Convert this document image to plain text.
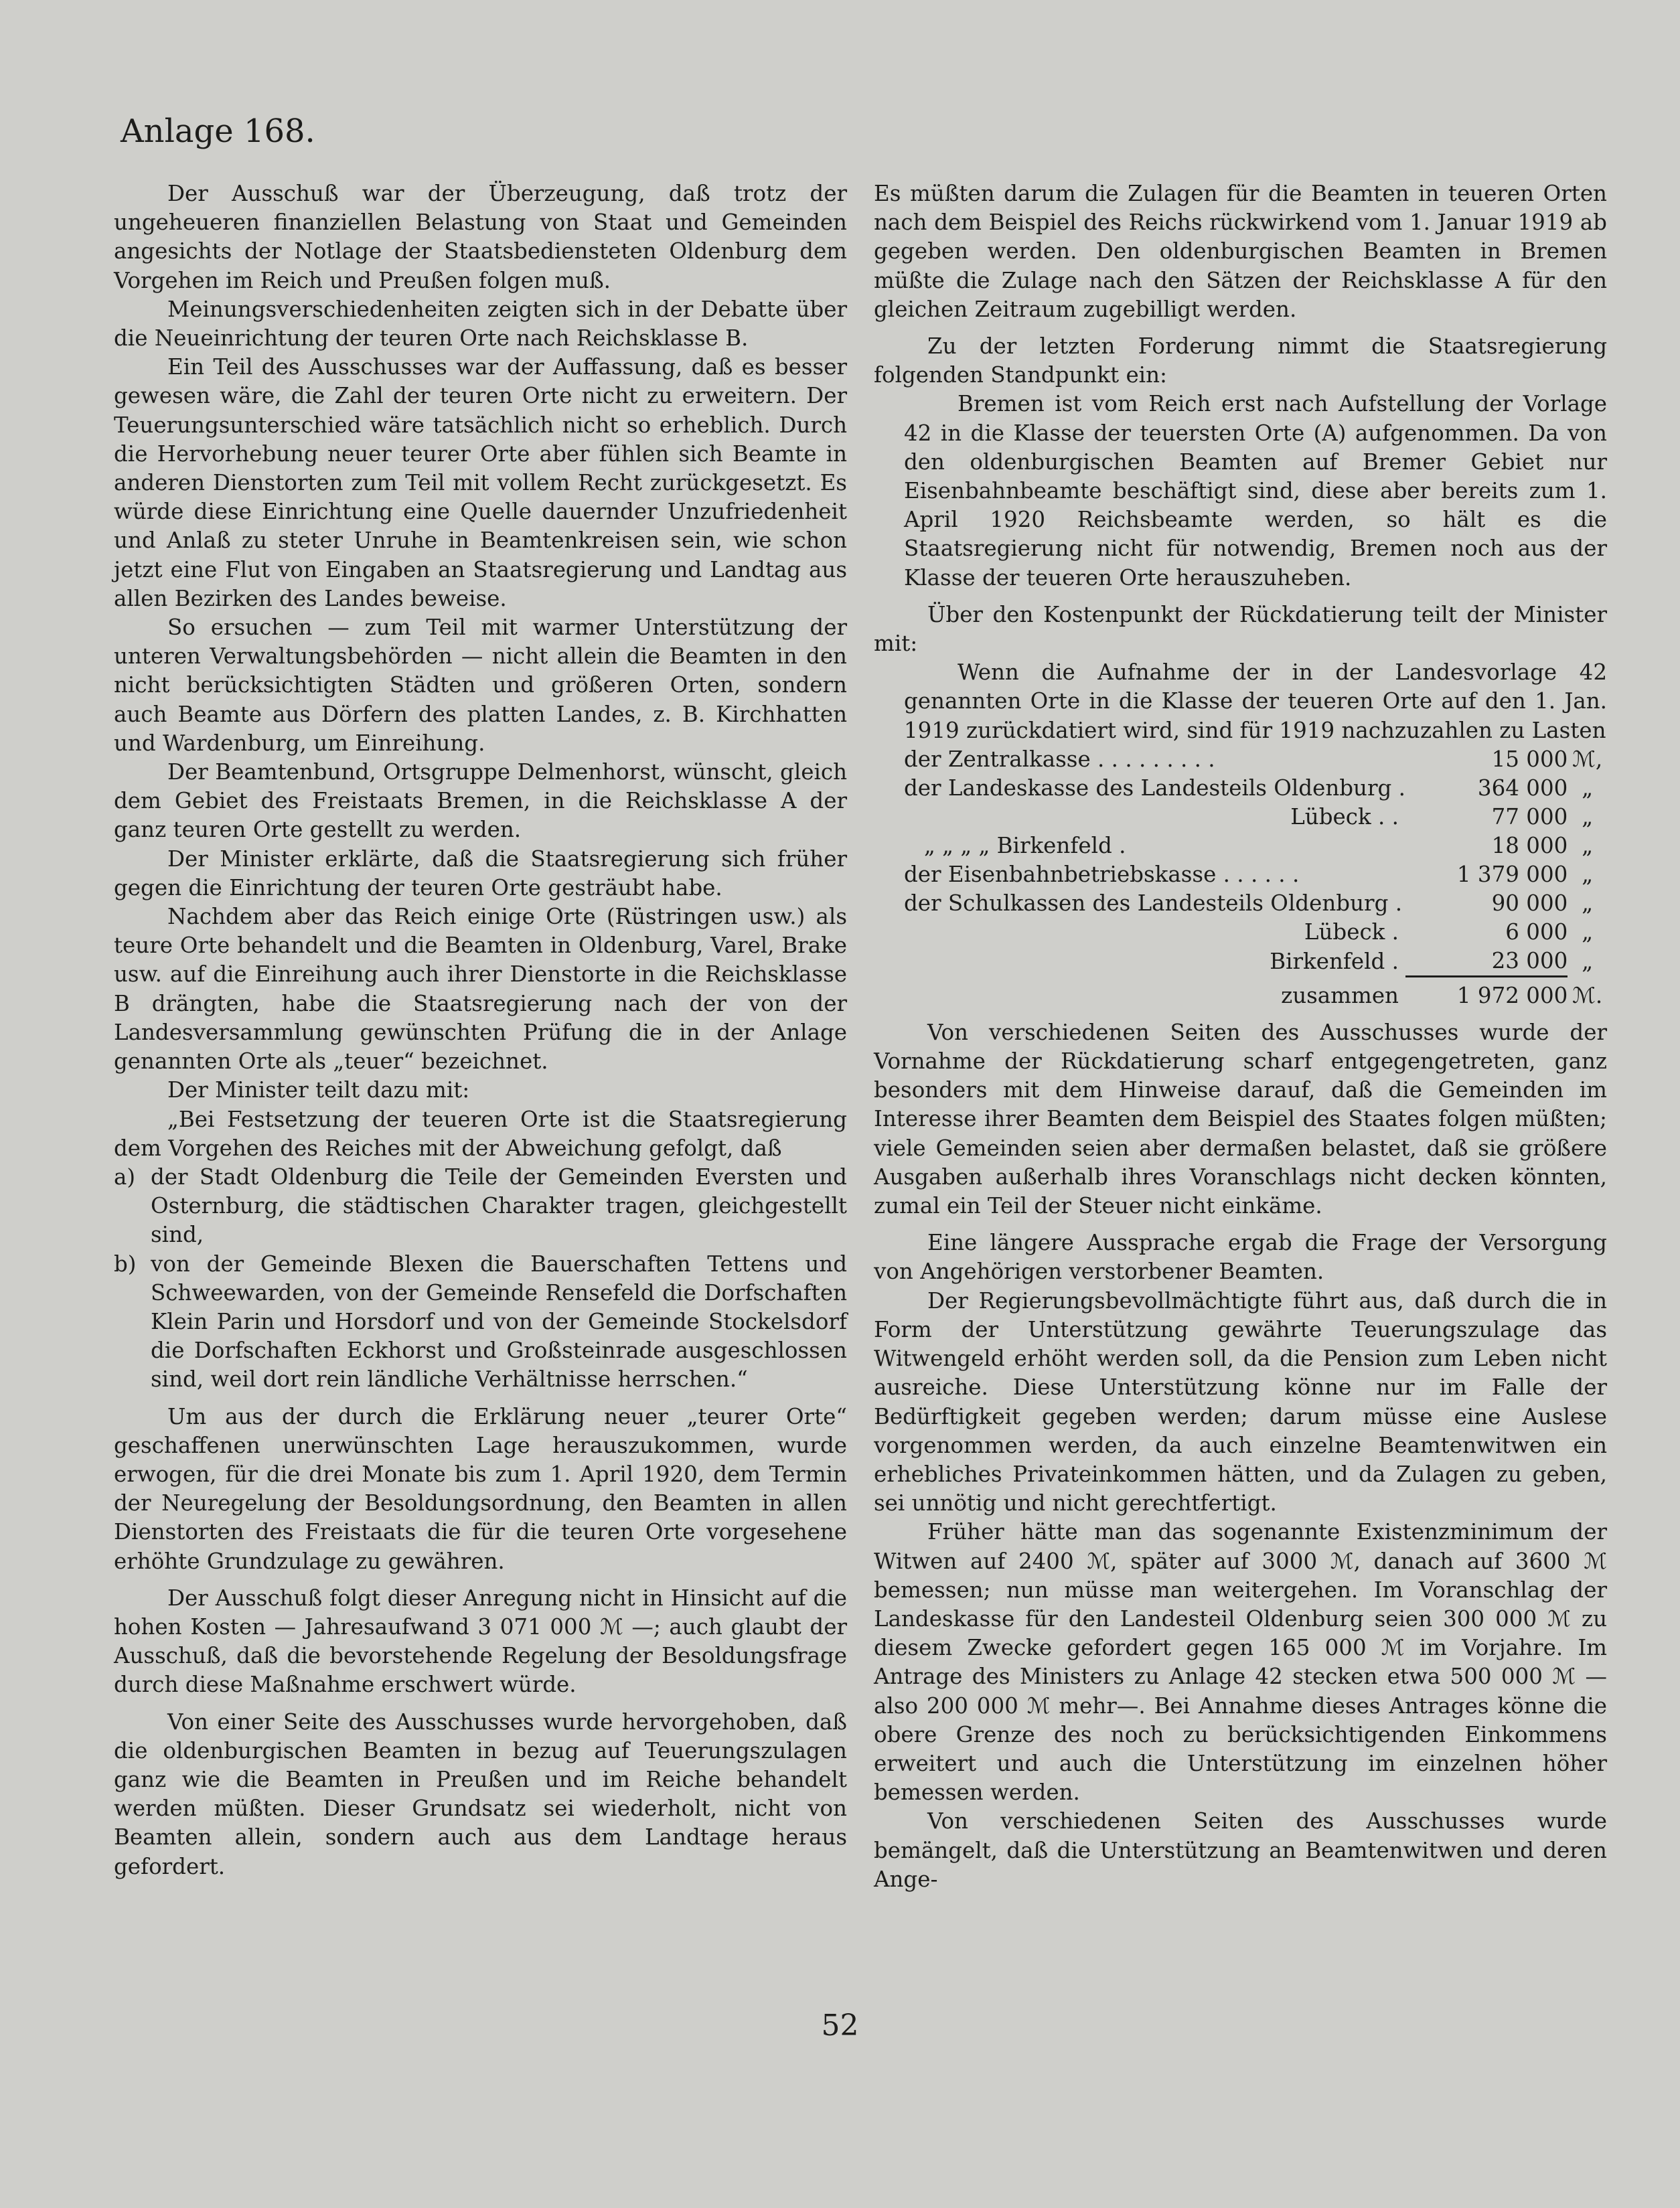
Anlage 168.

Der Ausschuß war der Überzeugung, daß trotz der ungeheueren finanziellen Belastung von Staat und Gemeinden angesichts der Notlage der Staatsbediensteten Oldenburg dem Vorgehen im Reich und Preußen folgen muß.

Meinungsverschiedenheiten zeigten sich in der Debatte über die Neueinrichtung der teuren Orte nach Reichsklasse B.

Ein Teil des Ausschusses war der Auffassung, daß es besser gewesen wäre, die Zahl der teuren Orte nicht zu erweitern. Der Teuerungsunterschied wäre tatsächlich nicht so erheblich. Durch die Hervorhebung neuer teurer Orte aber fühlen sich Beamte in anderen Dienstorten zum Teil mit vollem Recht zurückgesetzt. Es würde diese Einrichtung eine Quelle dauernder Unzufriedenheit und Anlaß zu steter Unruhe in Beamtenkreisen sein, wie schon jetzt eine Flut von Eingaben an Staatsregierung und Landtag aus allen Bezirken des Landes beweise.

So ersuchen — zum Teil mit warmer Unterstützung der unteren Verwaltungsbehörden — nicht allein die Beamten in den nicht berücksichtigten Städten und größeren Orten, sondern auch Beamte aus Dörfern des platten Landes, z. B. Kirchhatten und Wardenburg, um Einreihung.

Der Beamtenbund, Ortsgruppe Delmenhorst, wünscht, gleich dem Gebiet des Freistaats Bremen, in die Reichsklasse A der ganz teuren Orte gestellt zu werden.

Der Minister erklärte, daß die Staatsregierung sich früher gegen die Einrichtung der teuren Orte gesträubt habe.

Nachdem aber das Reich einige Orte (Rüstringen usw.) als teure Orte behandelt und die Beamten in Oldenburg, Varel, Brake usw. auf die Einreihung auch ihrer Dienstorte in die Reichsklasse B drängten, habe die Staatsregierung nach der von der Landesversammlung gewünschten Prüfung die in der Anlage genannten Orte als „teuer“ bezeichnet.

Der Minister teilt dazu mit:

„Bei Festsetzung der teueren Orte ist die Staatsregierung dem Vorgehen des Reiches mit der Abweichung gefolgt, daß

a) der Stadt Oldenburg die Teile der Gemeinden Eversten und Osternburg, die städtischen Charakter tragen, gleichgestellt sind,
b) von der Gemeinde Blexen die Bauerschaften Tettens und Schweewarden, von der Gemeinde Rensefeld die Dorfschaften Klein Parin und Horsdorf und von der Gemeinde Stockelsdorf die Dorfschaften Eckhorst und Großsteinrade ausgeschlossen sind, weil dort rein ländliche Verhältnisse herrschen.“

Um aus der durch die Erklärung neuer „teurer Orte“ geschaffenen unerwünschten Lage herauszukommen, wurde erwogen, für die drei Monate bis zum 1. April 1920, dem Termin der Neuregelung der Besoldungsordnung, den Beamten in allen Dienstorten des Freistaats die für die teuren Orte vorgesehene erhöhte Grundzulage zu gewähren.

Der Ausschuß folgt dieser Anregung nicht in Hinsicht auf die hohen Kosten — Jahresaufwand 3 071 000 ℳ —; auch glaubt der Ausschuß, daß die bevorstehende Regelung der Besoldungsfrage durch diese Maßnahme erschwert würde.

Von einer Seite des Ausschusses wurde hervorgehoben, daß die oldenburgischen Beamten in bezug auf Teuerungszulagen ganz wie die Beamten in Preußen und im Reiche behandelt werden müßten. Dieser Grundsatz sei wiederholt, nicht von Beamten allein, sondern auch aus dem Landtage heraus gefordert.

Es müßten darum die Zulagen für die Beamten in teueren Orten nach dem Beispiel des Reichs rückwirkend vom 1. Januar 1919 ab gegeben werden. Den oldenburgischen Beamten in Bremen müßte die Zulage nach den Sätzen der Reichsklasse A für den gleichen Zeitraum zugebilligt werden.

Zu der letzten Forderung nimmt die Staatsregierung folgenden Standpunkt ein:

Bremen ist vom Reich erst nach Aufstellung der Vorlage 42 in die Klasse der teuersten Orte (A) aufgenommen. Da von den oldenburgischen Beamten auf Bremer Gebiet nur Eisenbahnbeamte beschäftigt sind, diese aber bereits zum 1. April 1920 Reichsbeamte werden, so hält es die Staatsregierung nicht für notwendig, Bremen noch aus der Klasse der teueren Orte herauszuheben.

Über den Kostenpunkt der Rückdatierung teilt der Minister mit:

Wenn die Aufnahme der in der Landesvorlage 42 genannten Orte in die Klasse der teueren Orte auf den 1. Jan. 1919 zurückdatiert wird, sind für 1919 nachzuzahlen zu Lasten

der Zentralkasse . . . . . . . . .	15 000	ℳ,
der Landeskasse des Landesteils Oldenburg .	364 000	„
Lübeck . .	77 000	„
„ „ „ „ Birkenfeld .	18 000	„
der Eisenbahnbetriebskasse . . . . . .	1 379 000	„
der Schulkassen des Landesteils Oldenburg .	90 000	„
Lübeck .	6 000	„
Birkenfeld .	23 000	„
zusammen	1 972 000	ℳ.

Von verschiedenen Seiten des Ausschusses wurde der Vornahme der Rückdatierung scharf entgegengetreten, ganz besonders mit dem Hinweise darauf, daß die Gemeinden im Interesse ihrer Beamten dem Beispiel des Staates folgen müßten; viele Gemeinden seien aber dermaßen belastet, daß sie größere Ausgaben außerhalb ihres Voranschlags nicht decken könnten, zumal ein Teil der Steuer nicht einkäme.

Eine längere Aussprache ergab die Frage der Versorgung von Angehörigen verstorbener Beamten.

Der Regierungsbevollmächtigte führt aus, daß durch die in Form der Unterstützung gewährte Teuerungszulage das Witwengeld erhöht werden soll, da die Pension zum Leben nicht ausreiche. Diese Unterstützung könne nur im Falle der Bedürftigkeit gegeben werden; darum müsse eine Auslese vorgenommen werden, da auch einzelne Beamtenwitwen ein erhebliches Privateinkommen hätten, und da Zulagen zu geben, sei unnötig und nicht gerechtfertigt.

Früher hätte man das sogenannte Existenzminimum der Witwen auf 2400 ℳ, später auf 3000 ℳ, danach auf 3600 ℳ bemessen; nun müsse man weitergehen. Im Voranschlag der Landeskasse für den Landesteil Oldenburg seien 300 000 ℳ zu diesem Zwecke gefordert gegen 165 000 ℳ im Vorjahre. Im Antrage des Ministers zu Anlage 42 stecken etwa 500 000 ℳ — also 200 000 ℳ mehr—. Bei Annahme dieses Antrages könne die obere Grenze des noch zu berücksichtigenden Einkommens erweitert und auch die Unterstützung im einzelnen höher bemessen werden.

Von verschiedenen Seiten des Ausschusses wurde bemängelt, daß die Unterstützung an Beamtenwitwen und deren Ange-

52
